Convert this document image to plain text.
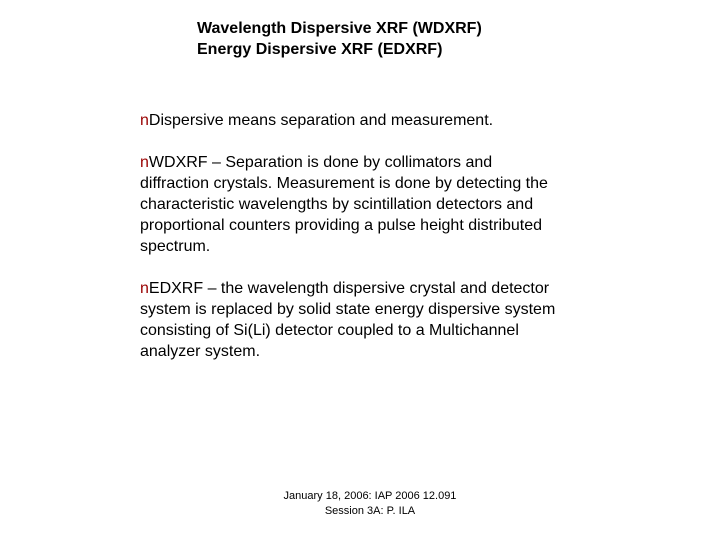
Wavelength Dispersive XRF (WDXRF)
Energy Dispersive XRF (EDXRF)

nDispersive means separation and measurement.

nWDXRF – Separation is done by collimators and diffraction crystals. Measurement is done by detecting the characteristic wavelengths by scintillation detectors and proportional counters providing a pulse height distributed spectrum.

nEDXRF – the wavelength dispersive crystal and detector system is replaced by solid state energy dispersive system consisting of Si(Li) detector coupled to a Multichannel analyzer system.

January 18, 2006: IAP 2006 12.091
Session 3A: P. ILA
